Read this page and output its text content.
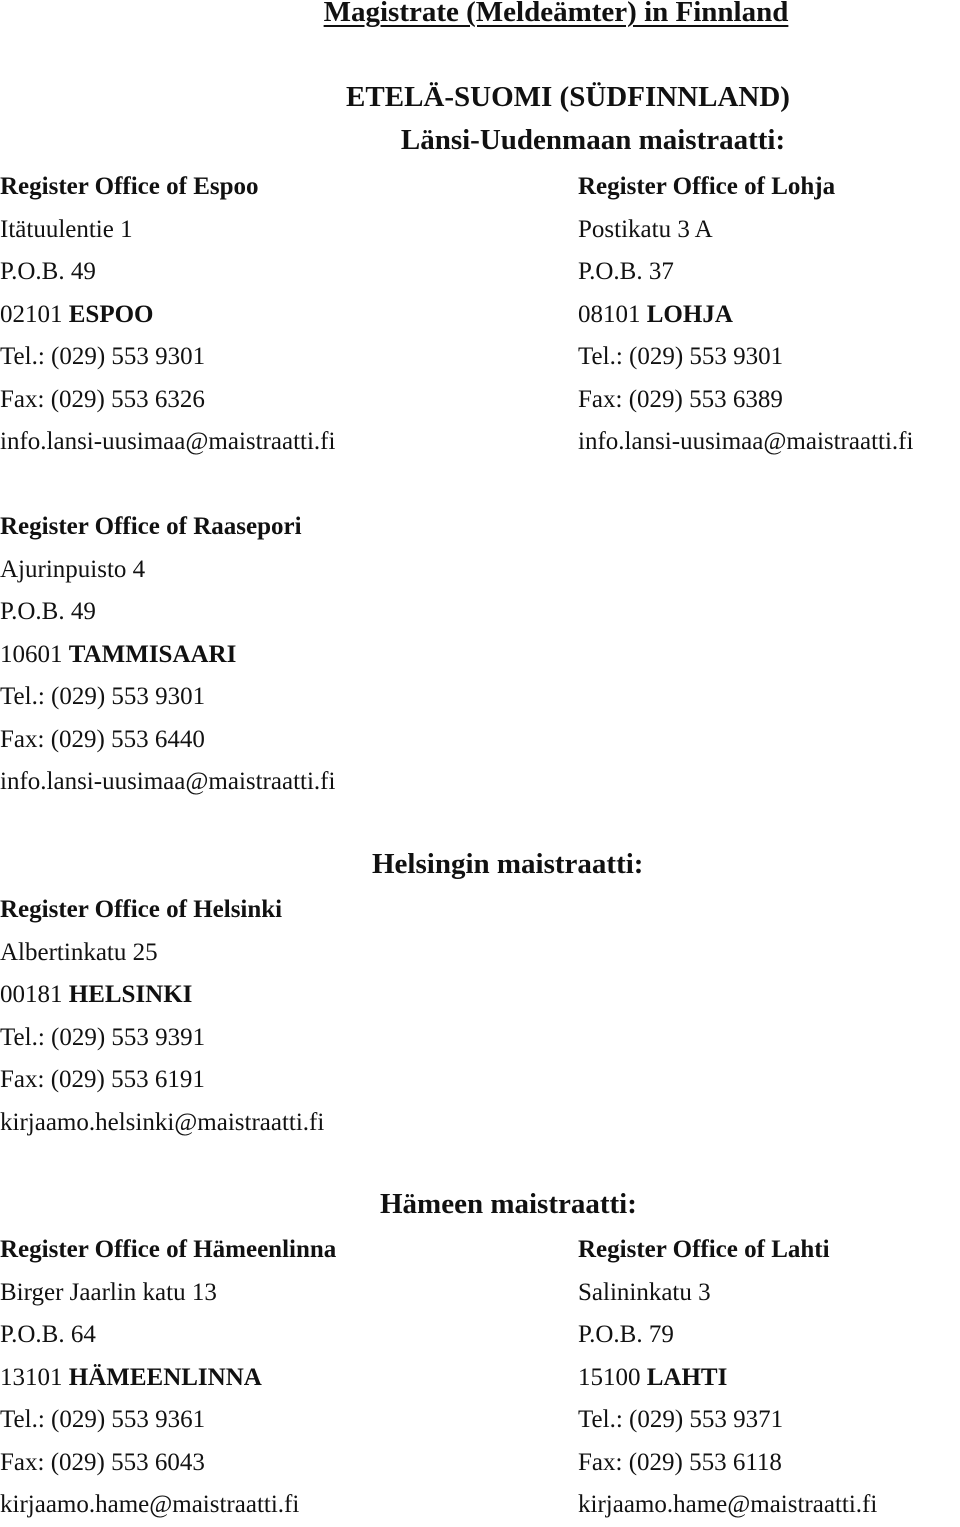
Magistrate (Meldeämter) in Finnland
ETELÄ-SUOMI (SÜDFINNLAND)
Länsi-Uudenmaan maistraatti:
Register Office of Espoo
Itätuulentie 1
P.O.B. 49
02101 ESPOO
Tel.: (029) 553 9301
Fax: (029) 553 6326
info.lansi-uusimaa@maistraatti.fi
Register Office of Lohja
Postikatu 3 A
P.O.B. 37
08101 LOHJA
Tel.: (029) 553 9301
Fax: (029) 553 6389
info.lansi-uusimaa@maistraatti.fi
Register Office of Raasepori
Ajurinpuisto 4
P.O.B. 49
10601 TAMMISAARI
Tel.: (029) 553 9301
Fax: (029) 553 6440
info.lansi-uusimaa@maistraatti.fi
Helsingin maistraatti:
Register Office of Helsinki
Albertinkatu 25
00181 HELSINKI
Tel.: (029) 553 9391
Fax: (029) 553 6191
kirjaamo.helsinki@maistraatti.fi
Hämeen maistraatti:
Register Office of Hämeenlinna
Birger Jaarlin katu 13
P.O.B. 64
13101 HÄMEENLINNA
Tel.: (029) 553 9361
Fax: (029) 553 6043
kirjaamo.hame@maistraatti.fi
Register Office of Lahti
Salininkatu 3
P.O.B. 79
15100 LAHTI
Tel.: (029) 553 9371
Fax: (029) 553 6118
kirjaamo.hame@maistraatti.fi
